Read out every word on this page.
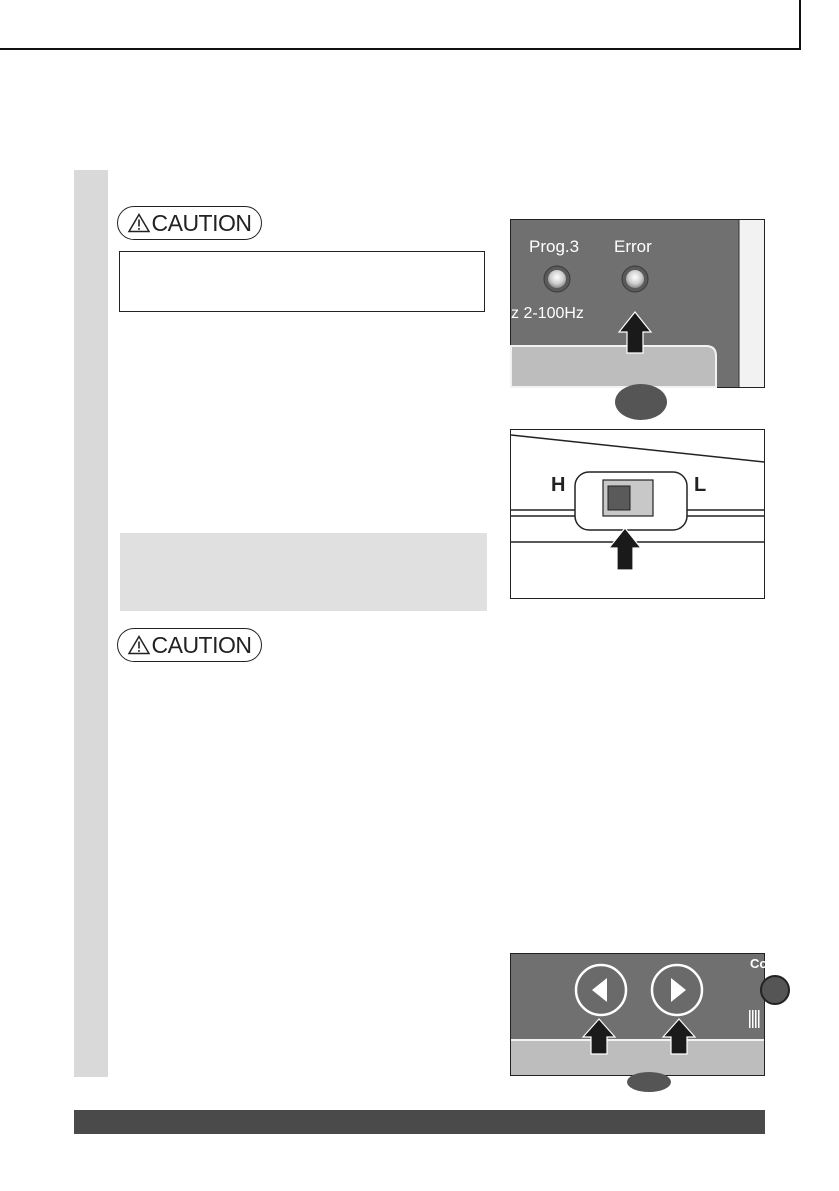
CAUTION
CAUTION
Prog.3 Error
z 2-100Hz
H	L
Co
